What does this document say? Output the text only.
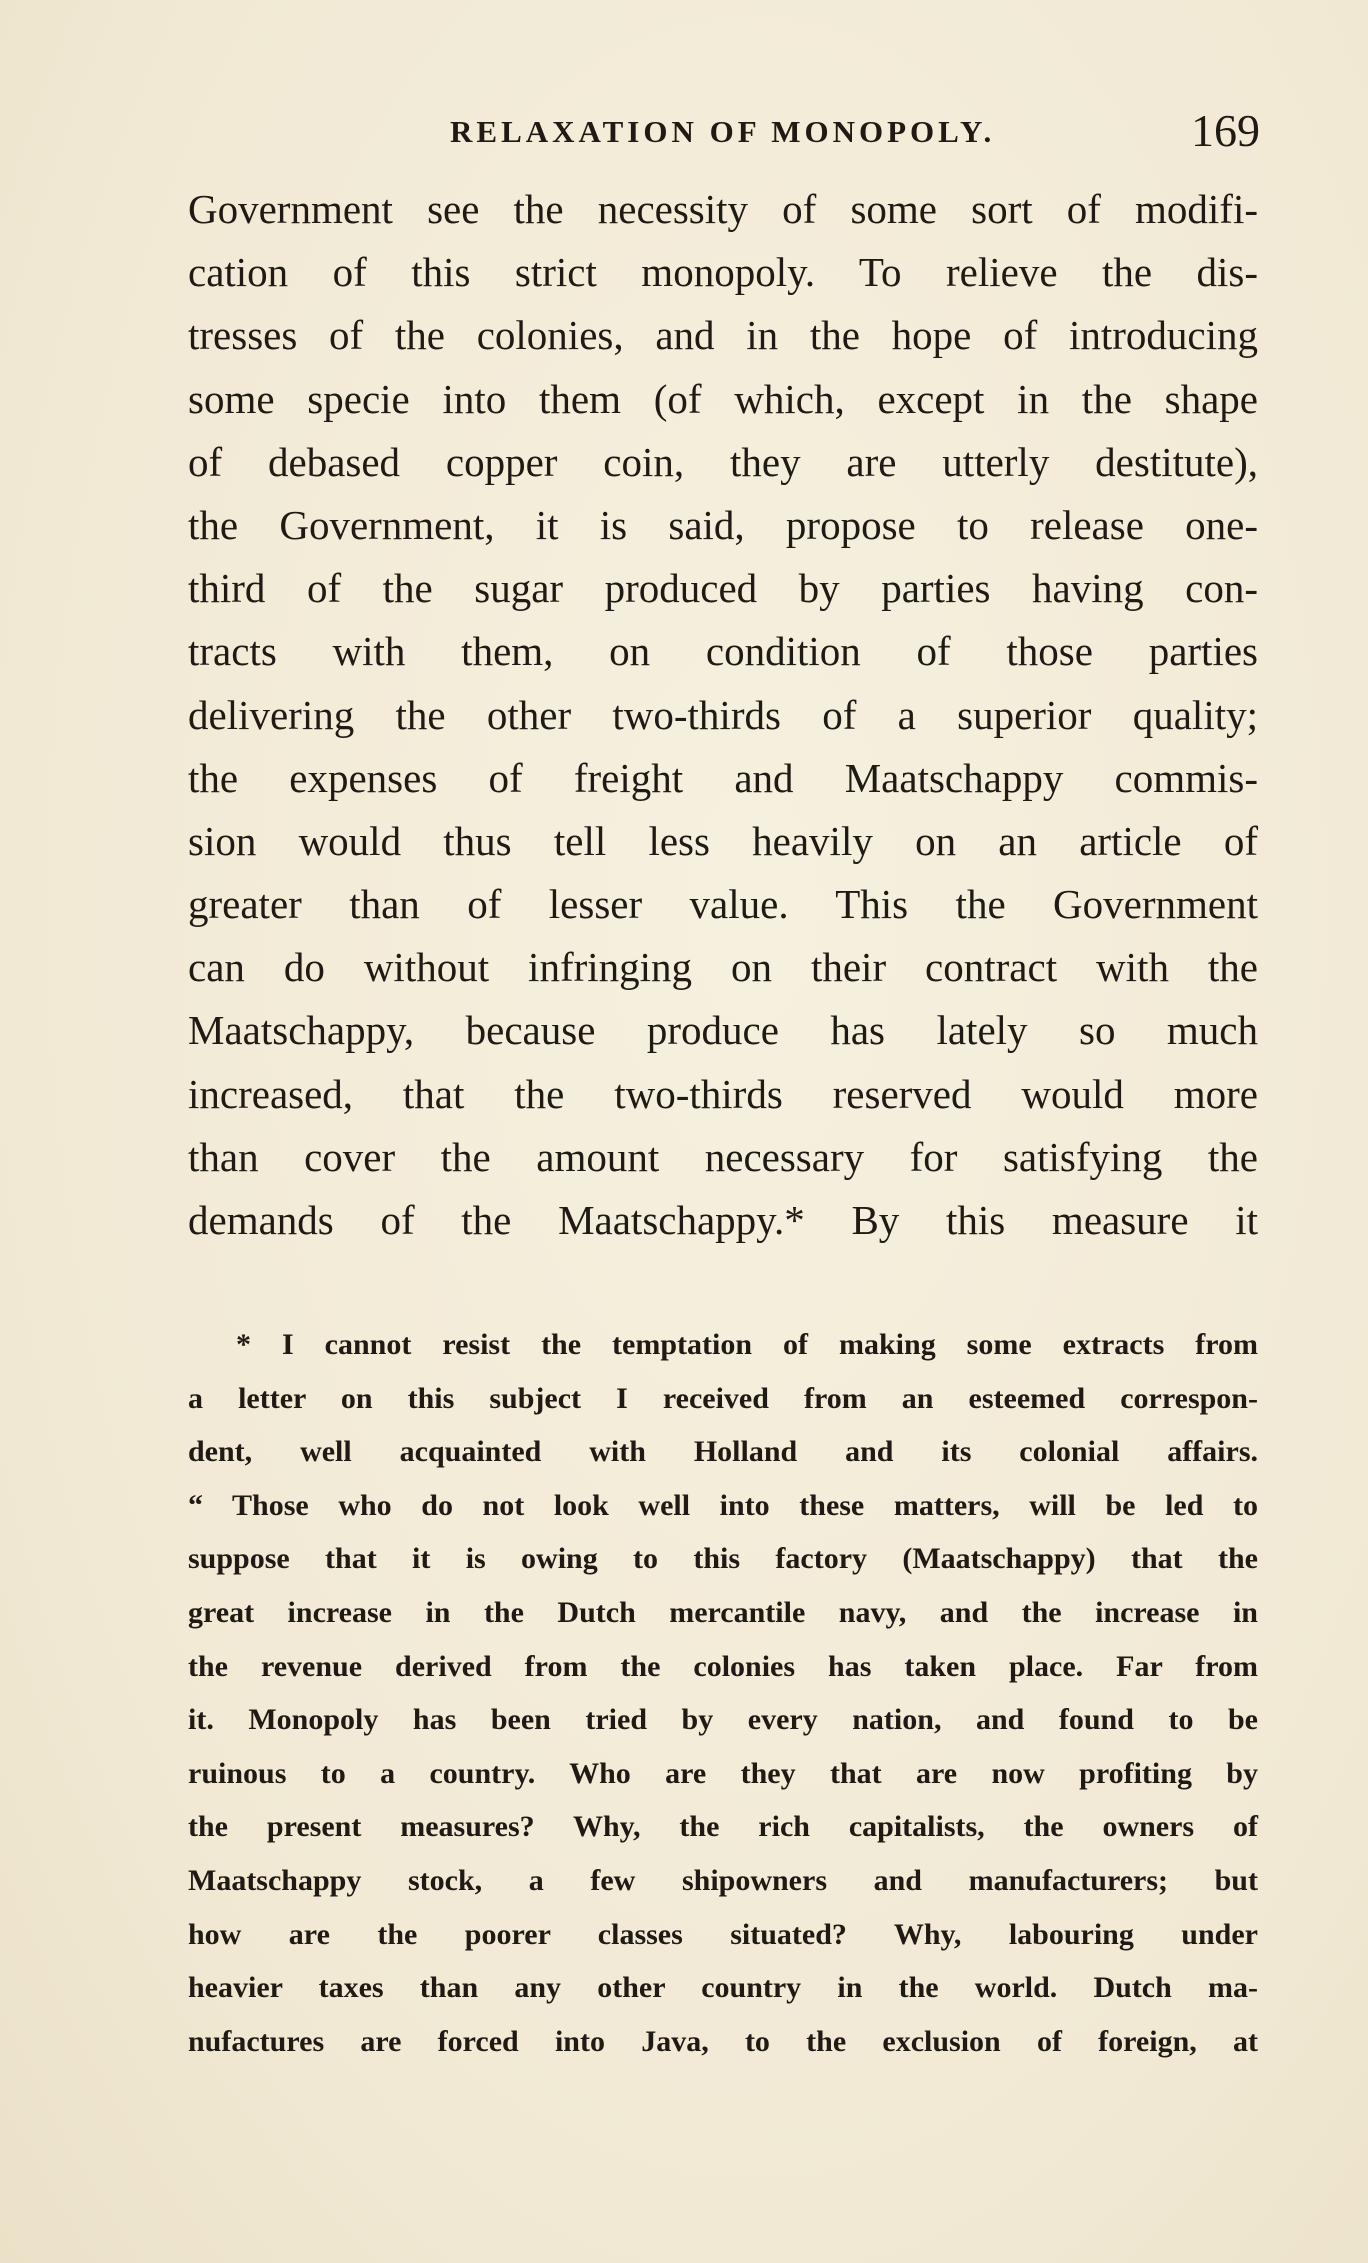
RELAXATION OF MONOPOLY.	169
Government see the necessity of some sort of modifi-
cation of this strict monopoly. To relieve the dis-
tresses of the colonies, and in the hope of introducing
some specie into them (of which, except in the shape
of debased copper coin, they are utterly destitute),
the Government, it is said, propose to release one-
third of the sugar produced by parties having con-
tracts with them, on condition of those parties
delivering the other two-thirds of a superior quality;
the expenses of freight and Maatschappy commis-
sion would thus tell less heavily on an article of
greater than of lesser value. This the Government
can do without infringing on their contract with the
Maatschappy, because produce has lately so much
increased, that the two-thirds reserved would more
than cover the amount necessary for satisfying the
demands of the Maatschappy.* By this measure it
* I cannot resist the temptation of making some extracts from
a letter on this subject I received from an esteemed correspon-
dent, well acquainted with Holland and its colonial affairs.
“ Those who do not look well into these matters, will be led to
suppose that it is owing to this factory (Maatschappy) that the
great increase in the Dutch mercantile navy, and the increase in
the revenue derived from the colonies has taken place. Far from
it. Monopoly has been tried by every nation, and found to be
ruinous to a country. Who are they that are now profiting by
the present measures? Why, the rich capitalists, the owners of
Maatschappy stock, a few shipowners and manufacturers; but
how are the poorer classes situated? Why, labouring under
heavier taxes than any other country in the world. Dutch ma-
nufactures are forced into Java, to the exclusion of foreign, at
